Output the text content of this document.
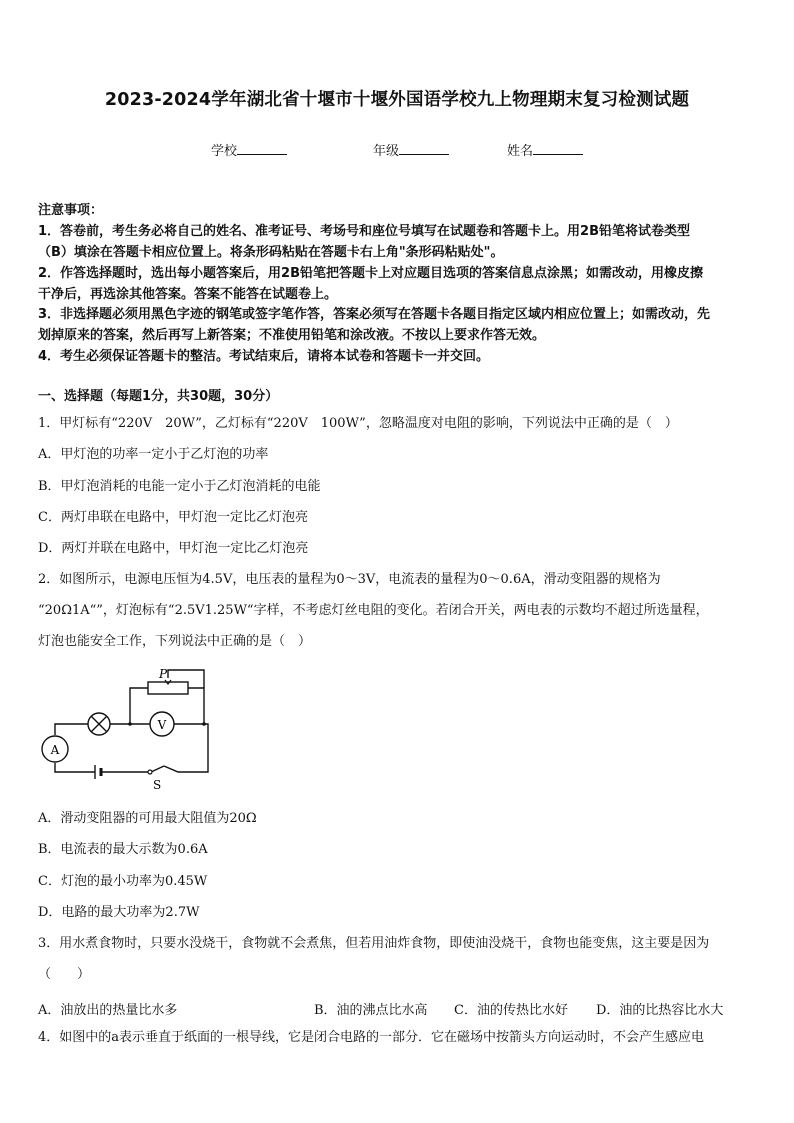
2023-2024学年湖北省十堰市十堰外国语学校九上物理期末复习检测试题
学校	年级	姓名
注意事项：
1．答卷前，考生务必将自己的姓名、准考证号、考场号和座位号填写在试题卷和答题卡上。用2B铅笔将试卷类型
（B）填涂在答题卡相应位置上。将条形码粘贴在答题卡右上角"条形码粘贴处"。
2．作答选择题时，选出每小题答案后，用2B铅笔把答题卡上对应题目选项的答案信息点涂黑；如需改动，用橡皮擦
干净后，再选涂其他答案。答案不能答在试题卷上。
3．非选择题必须用黑色字迹的钢笔或签字笔作答，答案必须写在答题卡各题目指定区域内相应位置上；如需改动，先
划掉原来的答案，然后再写上新答案；不准使用铅笔和涂改液。不按以上要求作答无效。
4．考生必须保证答题卡的整洁。考试结束后，请将本试卷和答题卡一并交回。
一、选择题（每题1分，共30题，30分）
1．甲灯标有“220V　20W”，乙灯标有“220V　100W”，忽略温度对电阻的影响，下列说法中正确的是（　）
A．甲灯泡的功率一定小于乙灯泡的功率
B．甲灯泡消耗的电能一定小于乙灯泡消耗的电能
C．两灯串联在电路中，甲灯泡一定比乙灯泡亮
D．两灯并联在电路中，甲灯泡一定比乙灯泡亮
2．如图所示，电源电压恒为4.5V，电压表的量程为0～3V，电流表的量程为0～0.6A，滑动变阻器的规格为
“20Ω1A“”，灯泡标有“2.5V1.25W“字样，不考虑灯丝电阻的变化。若闭合开关，两电表的示数均不超过所选量程，
灯泡也能安全工作，下列说法中正确的是（　）
A
V
P
S
A．滑动变阻器的可用最大阻值为20Ω
B．电流表的最大示数为0.6A
C．灯泡的最小功率为0.45W
D．电路的最大功率为2.7W
3．用水煮食物时，只要水没烧干，食物就不会煮焦，但若用油炸食物，即使油没烧干，食物也能变焦，这主要是因为
（　　）
A．油放出的热量比水多	B．油的沸点比水高 C．油的传热比水好 D．油的比热容比水大
4．如图中的a表示垂直于纸面的一根导线，它是闭合电路的一部分．它在磁场中按箭头方向运动时，不会产生感应电
